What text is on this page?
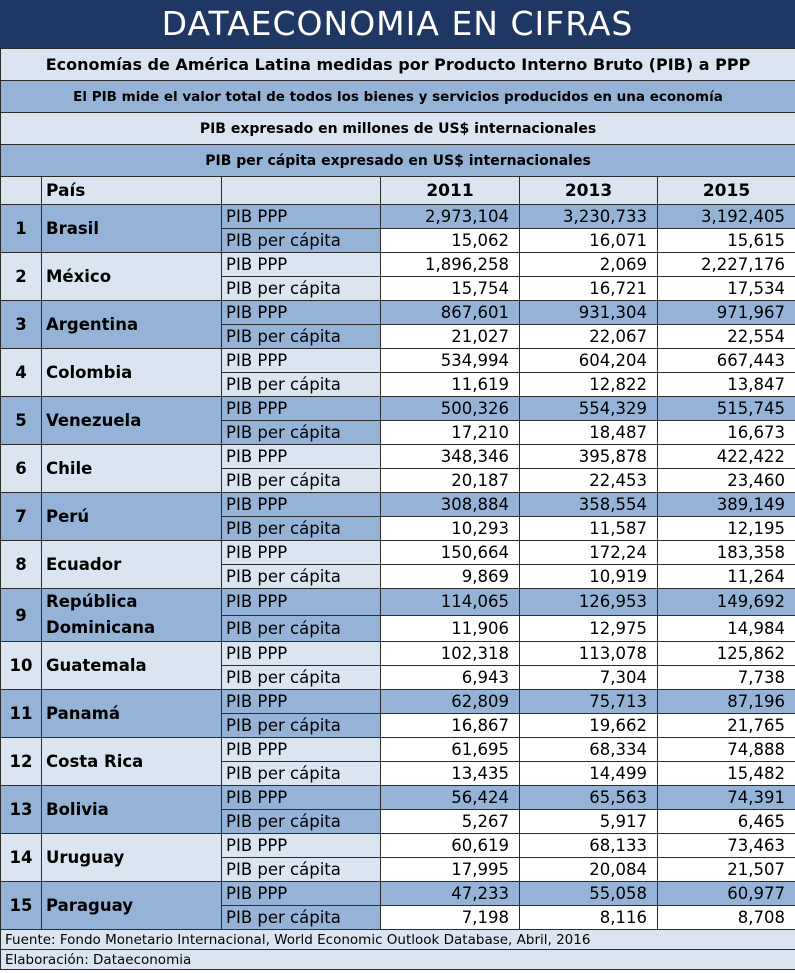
DATAECONOMIA EN CIFRAS
Economías de América Latina medidas por Producto Interno Bruto (PIB) a PPP					
El PIB mide el valor total de todos los bienes y servicios producidos en una economía					
PIB expresado en millones de US$ internacionales					
PIB per cápita expresado en US$ internacionales					
	País		2011	2013	2015
1	Brasil	PIB PPP	2,973,104	3,230,733	3,192,405
		PIB per cápita	15,062	16,071	15,615
2	México	PIB PPP	1,896,258	2,069	2,227,176
		PIB per cápita	15,754	16,721	17,534
3	Argentina	PIB PPP	867,601	931,304	971,967
		PIB per cápita	21,027	22,067	22,554
4	Colombia	PIB PPP	534,994	604,204	667,443
		PIB per cápita	11,619	12,822	13,847
5	Venezuela	PIB PPP	500,326	554,329	515,745
		PIB per cápita	17,210	18,487	16,673
6	Chile	PIB PPP	348,346	395,878	422,422
		PIB per cápita	20,187	22,453	23,460
7	Perú	PIB PPP	308,884	358,554	389,149
		PIB per cápita	10,293	11,587	12,195
8	Ecuador	PIB PPP	150,664	172,24	183,358
		PIB per cápita	9,869	10,919	11,264
9	República Dominicana	PIB PPP	114,065	126,953	149,692
		PIB per cápita	11,906	12,975	14,984
10	Guatemala	PIB PPP	102,318	113,078	125,862
		PIB per cápita	6,943	7,304	7,738
11	Panamá	PIB PPP	62,809	75,713	87,196
		PIB per cápita	16,867	19,662	21,765
12	Costa Rica	PIB PPP	61,695	68,334	74,888
		PIB per cápita	13,435	14,499	15,482
13	Bolivia	PIB PPP	56,424	65,563	74,391
		PIB per cápita	5,267	5,917	6,465
14	Uruguay	PIB PPP	60,619	68,133	73,463
		PIB per cápita	17,995	20,084	21,507
15	Paraguay	PIB PPP	47,233	55,058	60,977
		PIB per cápita	7,198	8,116	8,708
Fuente: Fondo Monetario Internacional, World Economic Outlook Database, Abril, 2016					
Elaboración: Dataeconomia					
